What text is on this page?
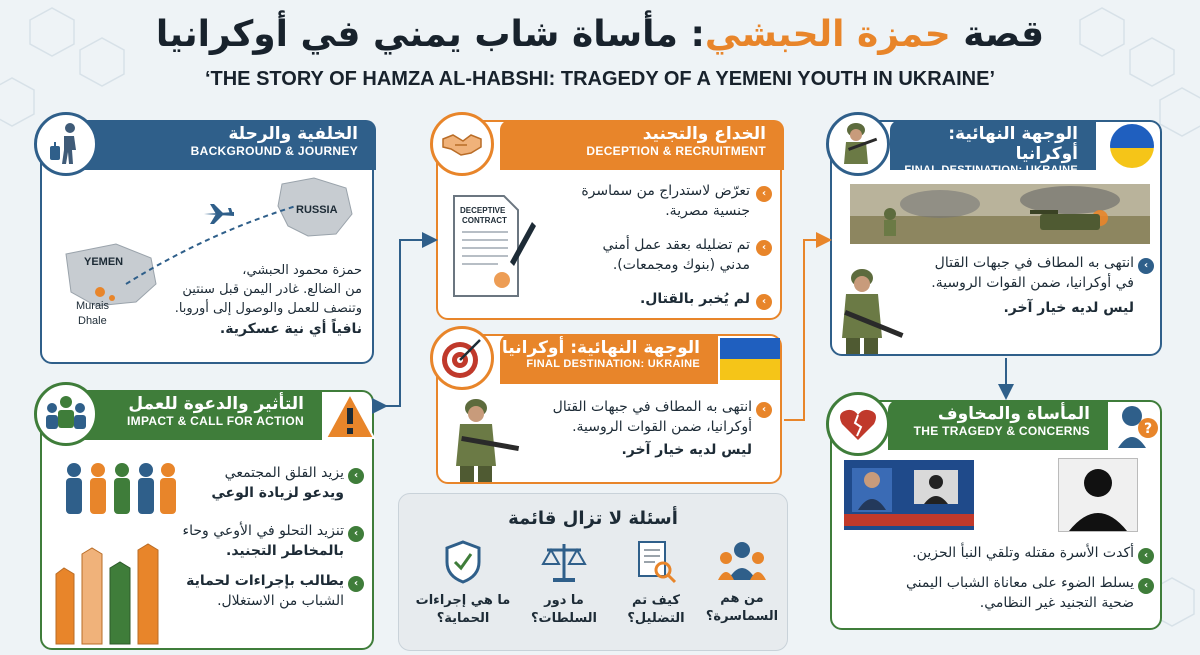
قصة حمزة الحبشي: مأساة شاب يمني في أوكرانيا
‘THE STORY OF HAMZA AL-HABSHI: TRAGEDY OF A YEMENI YOUTH IN UKRAINE’
الخلفية والرحلة
BACKGROUND & JOURNEY
RUSSIA
YEMEN
Murais
Dhale
حمزة محمود الحبشي،
من الضالع. غادر اليمن قبل سنتين
وتنصف للعمل والوصول إلى أوروبا.
نافياً أي نية عسكرية.
الخداع والتجنيد
DECEPTION & RECRUITMENT
DECEPTIVE
CONTRACT
‹
تعرّض لاستدراج من سماسرة
جنسية مصرية.
‹
تم تضليله بعقد عمل أمني
مدني (بنوك ومجمعات).
‹
لم يُخبر بالقتال.
الوجهة النهائية: أوكرانيا
FINAL DESTINATION: UKRAINE
‹
انتهى به المطاف في جبهات القتال
أوكرانيا، ضمن القوات الروسية.
ليس لديه خيار آخر.
الوجهة النهائية: أوكرانيا
FINAL DESTINATION: UKRAINE
‹
انتهى به المطاف في جبهات القتال
في أوكرانيا، ضمن القوات الروسية.
ليس لديه خيار آخر.
التأثير والدعوة للعمل
IMPACT & CALL FOR ACTION
‹
يزيد القلق المجتمعي
ويدعو لزيادة الوعي
‹
تنزيد التحلو في الأوعي وحاء
بالمخاطر التجنيد.
‹
يطالب بإجراءات لحماية
الشباب من الاستغلال.
المأساة والمخاوف
THE TRAGEDY & CONCERNS	?
‹
أكدت الأسرة مقتله وتلقي النبأ الحزين.
‹
يسلط الضوء على معاناة الشباب اليمني
ضحية التجنيد غير النظامي.
أسئلة لا تزال قائمة
من هم
السماسرة؟
كيف تم
التضليل؟
ما دور
السلطات؟
ما هي إجراءات
الحماية؟
